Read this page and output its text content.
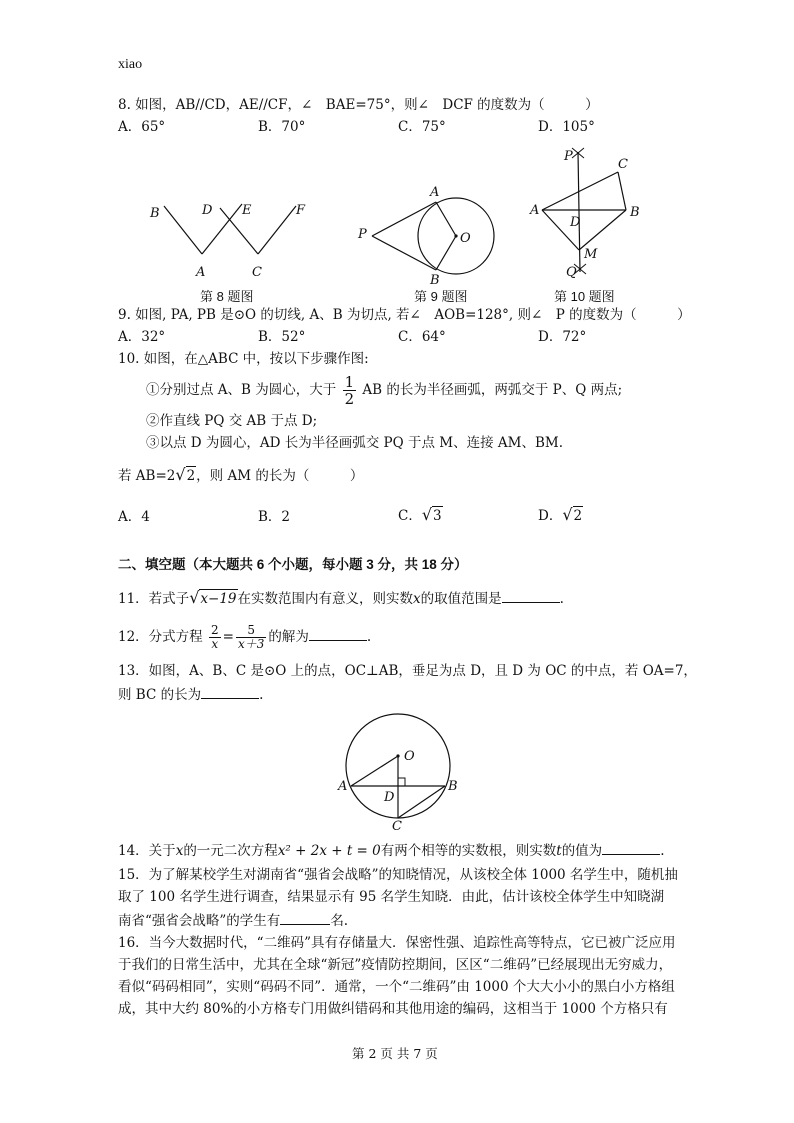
xiao
8. 如图，AB//CD，AE//CF，∠　BAE=75°，则∠　DCF 的度数为（　　　）
A．65°	B．70°	C．75°	D．105°
B	D E	F
A	C
第 8 题图
A
P	O
B
第 9 题图
P
C
A
D
B
M
Q
第 10 题图
9. 如图, PA, PB 是⊙O 的切线, A、B 为切点, 若∠　AOB=128°, 则∠　P 的度数为（　　　）
A．32°	B．52°	C．64°	D．72°
10. 如图，在△ABC 中，按以下步骤作图:
①分别过点 A、B 为圆心，大于 $\frac{1}{2}$ AB 的长为半径画弧，两弧交于 P、Q 两点;
②作直线 PQ 交 AB 于点 D;
③以点 D 为圆心，AD 长为半径画弧交 PQ 于点 M、连接 AM、BM.
若 AB=2√2，则 AM 的长为（　　　）
A．4	B．2	C．√3	D．√2
二、填空题（本大题共 6 个小题，每小题 3 分，共 18 分）
11．若式子√x−19在实数范围内有意义，则实数x的取值范围是	.
12．分式方程 $\frac{2}{x} = \frac{5}{x+3}$ 的解为	.
13．如图，A、B、C 是⊙O 上的点，OC⊥AB，垂足为点 D，且 D 为 OC 的中点，若 OA=7，
则 BC 的长为	.
O
A
D
B
C
14．关于x的一元二次方程x² + 2x + t = 0有两个相等的实数根，则实数t的值为	.
15．为了解某校学生对湖南省“强省会战略”的知晓情况，从该校全体 1000 名学生中，随机抽
取了 100 名学生进行调查，结果显示有 95 名学生知晓．由此，估计该校全体学生中知晓湖
南省“强省会战略”的学生有	名.
16．当今大数据时代，“二维码”具有存储量大．保密性强、追踪性高等特点，它已被广泛应用
于我们的日常生活中，尤其在全球“新冠”疫情防控期间，区区“二维码”已经展现出无穷威力，
看似“码码相同”，实则“码码不同”．通常，一个“二维码”由 1000 个大大小小的黑白小方格组
成，其中大约 80%的小方格专门用做纠错码和其他用途的编码，这相当于 1000 个方格只有
第 2 页 共 7 页
